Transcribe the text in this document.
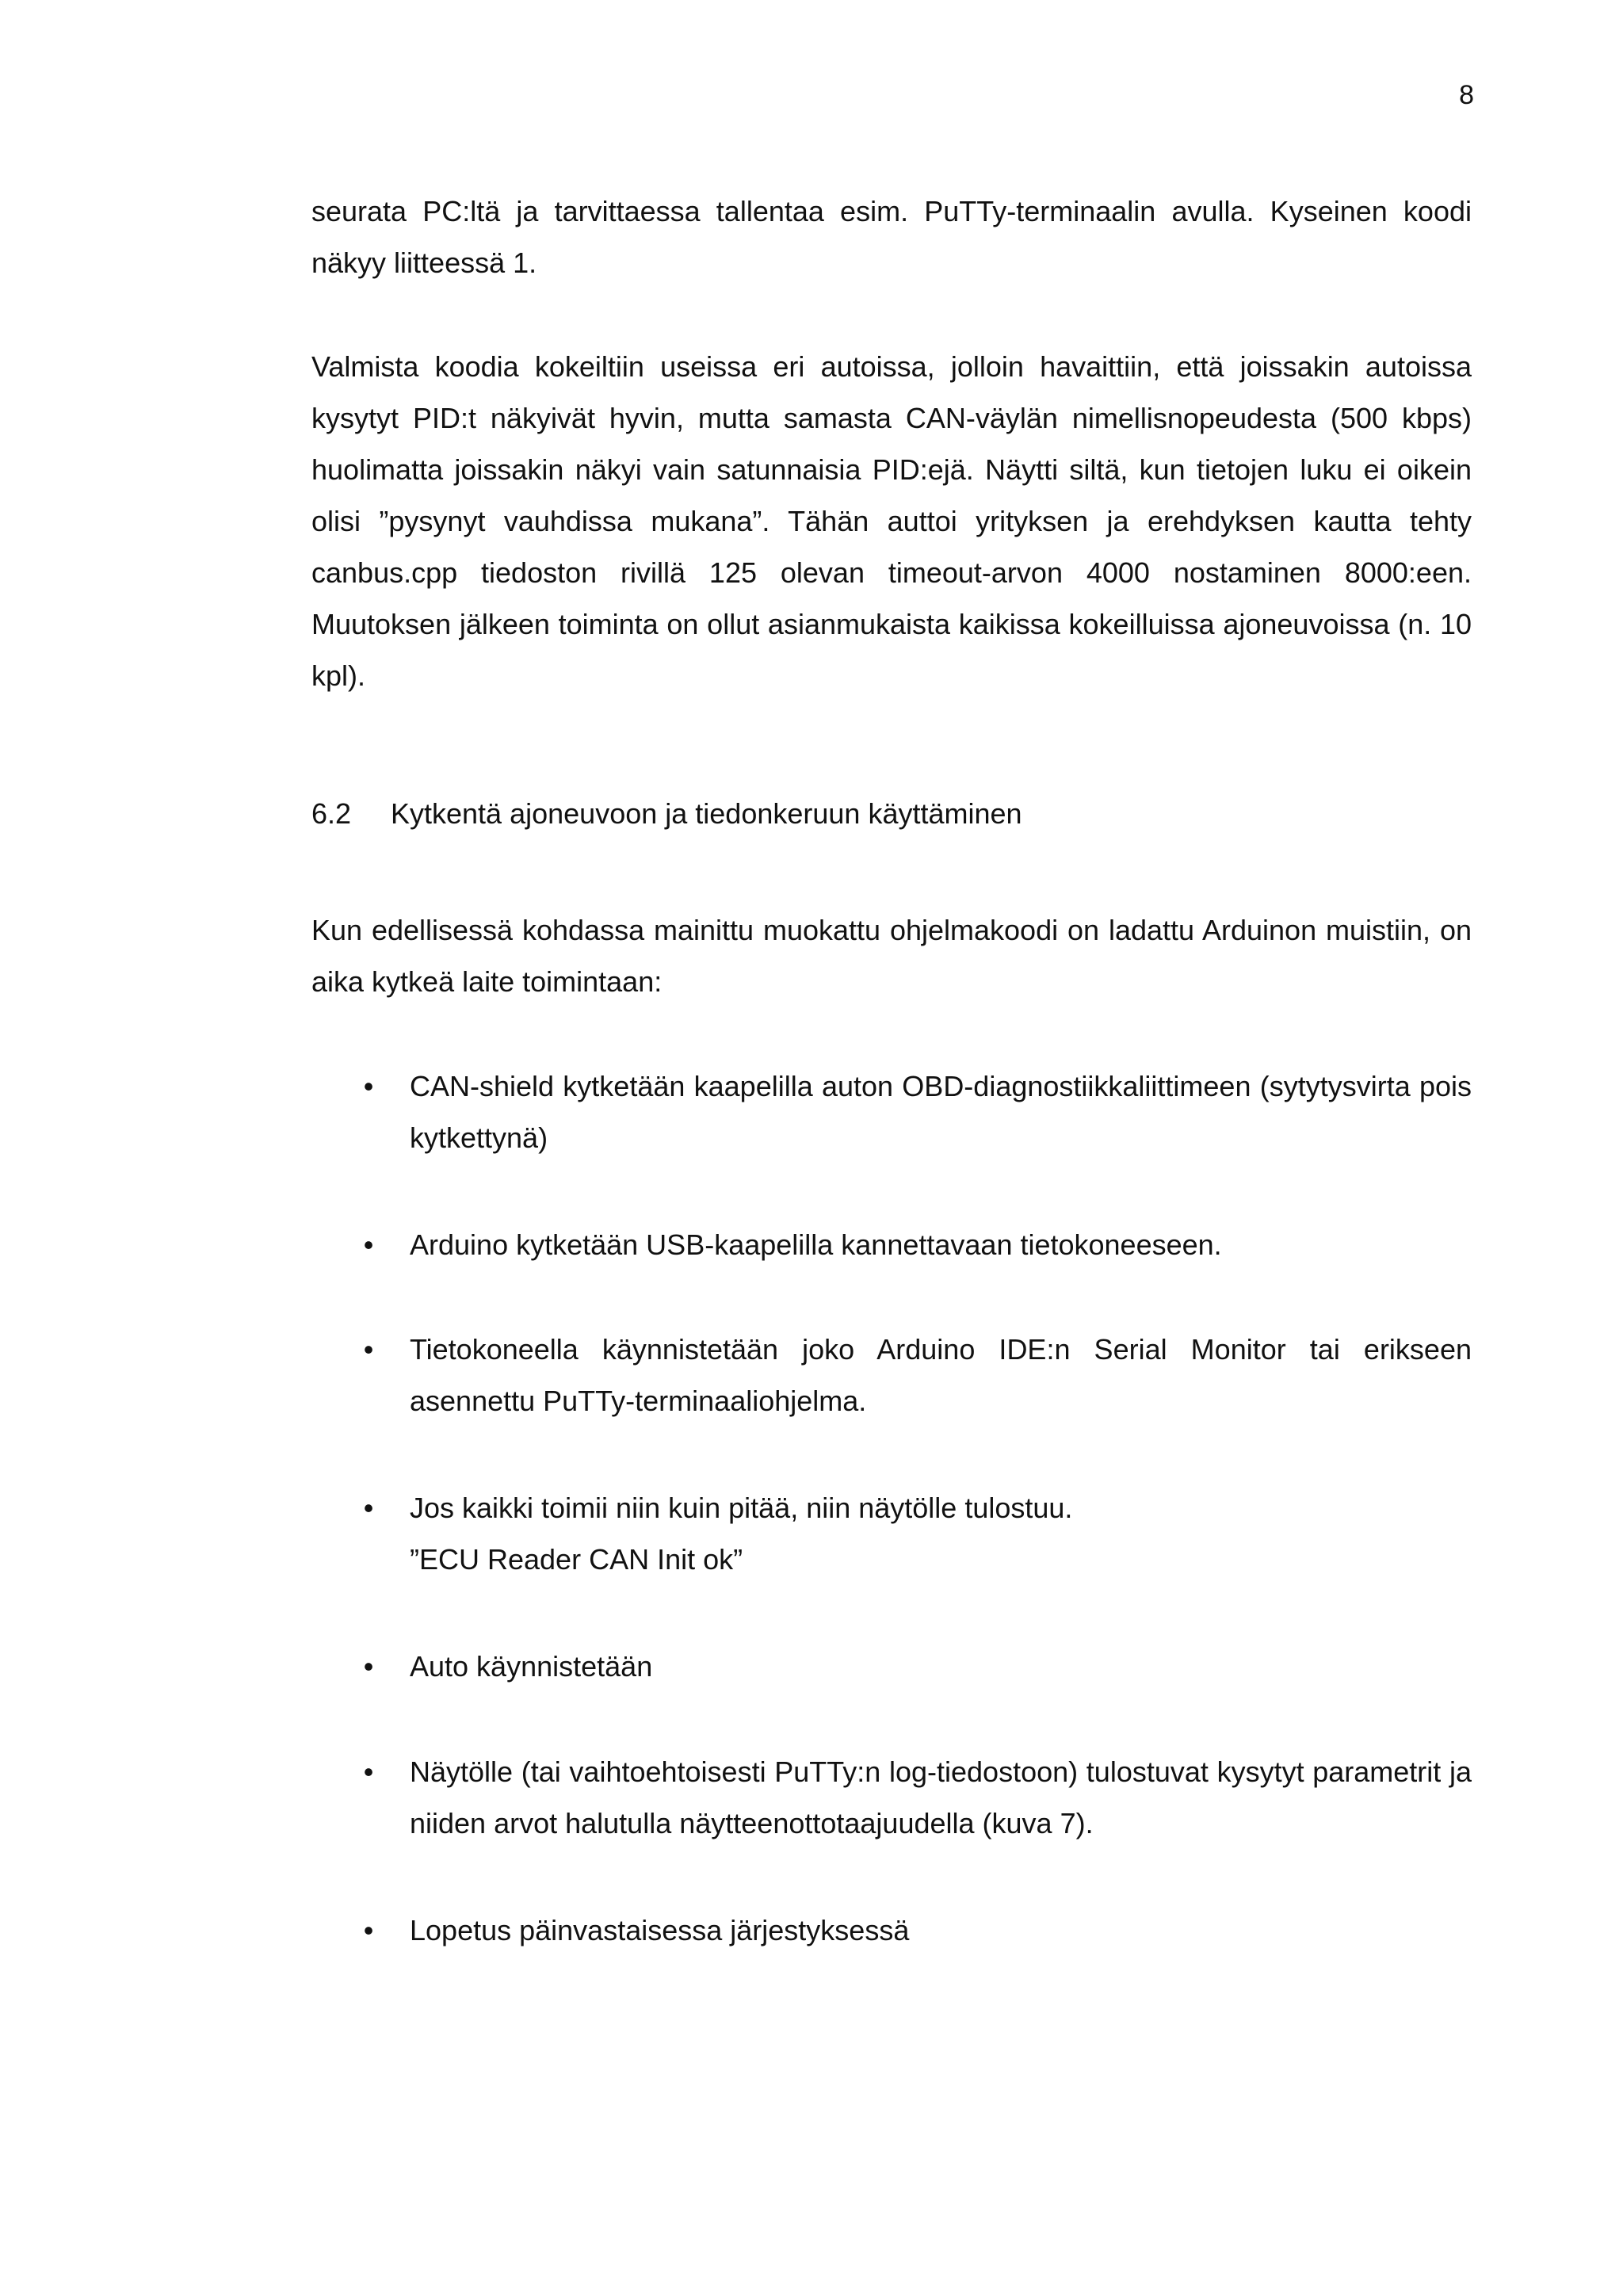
8

seurata PC:ltä ja tarvittaessa tallentaa esim. PuTTy-terminaalin avulla. Kyseinen koodi näkyy liitteessä 1.

Valmista koodia kokeiltiin useissa eri autoissa, jolloin havaittiin, että joissakin autoissa kysytyt PID:t näkyivät hyvin, mutta samasta CAN-väylän nimellisnopeudesta (500 kbps) huolimatta joissakin näkyi vain satunnaisia PID:ejä. Näytti siltä, kun tietojen luku ei oikein olisi ”pysynyt vauhdissa mukana”. Tähän auttoi yrityksen ja erehdyksen kautta tehty canbus.cpp tiedoston rivillä 125 olevan timeout-arvon 4000 nostaminen 8000:een. Muutoksen jälkeen toiminta on ollut asianmukaista kaikissa kokeilluissa ajoneuvoissa (n. 10 kpl).

6.2 Kytkentä ajoneuvoon ja tiedonkeruun käyttäminen

Kun edellisessä kohdassa mainittu muokattu ohjelmakoodi on ladattu Arduinon muistiin, on aika kytkeä laite toimintaan:

• CAN-shield kytketään kaapelilla auton OBD-diagnostiikkaliittimeen (sytytysvirta pois kytkettynä)
• Arduino kytketään USB-kaapelilla kannettavaan tietokoneeseen.
• Tietokoneella käynnistetään joko Arduino IDE:n Serial Monitor tai erikseen asennettu PuTTy-terminaaliohjelma.
• Jos kaikki toimii niin kuin pitää, niin näytölle tulostuu.
”ECU Reader CAN Init ok”
• Auto käynnistetään
• Näytölle (tai vaihtoehtoisesti PuTTy:n log-tiedostoon) tulostuvat kysytyt parametrit ja niiden arvot halutulla näytteenottotaajuudella (kuva 7).
• Lopetus päinvastaisessa järjestyksessä
